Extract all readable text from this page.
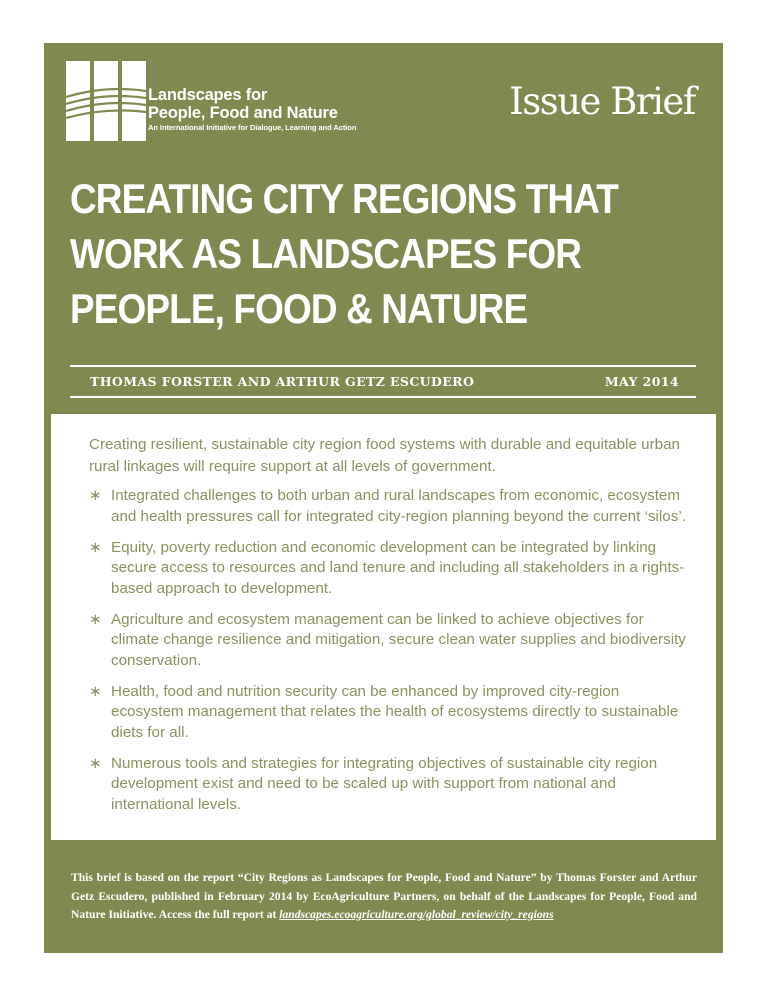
Landscapes for
People, Food and Nature
An International Initiative for Dialogue, Learning and Action
Issue Brief
CREATING CITY REGIONS THAT
WORK AS LANDSCAPES FOR
PEOPLE, FOOD & NATURE
THOMAS FORSTER AND ARTHUR GETZ ESCUDERO	MAY 2014
Creating resilient, sustainable city region food systems with durable and equitable urban rural linkages will require support at all levels of government.
∗ Integrated challenges to both urban and rural landscapes from economic, ecosystem and health pressures call for integrated city-region planning beyond the current ‘silos’.
∗ Equity, poverty reduction and economic development can be integrated by linking secure access to resources and land tenure and including all stakeholders in a rights-based approach to development.
∗ Agriculture and ecosystem management can be linked to achieve objectives for climate change resilience and mitigation, secure clean water supplies and biodiversity conservation.
∗ Health, food and nutrition security can be enhanced by improved city-region ecosystem management that relates the health of ecosystems directly to sustainable diets for all.
∗ Numerous tools and strategies for integrating objectives of sustainable city region development exist and need to be scaled up with support from national and international levels.
This brief is based on the report “City Regions as Landscapes for People, Food and Nature” by Thomas Forster and Arthur Getz Escudero, published in February 2014 by EcoAgriculture Partners, on behalf of the Landscapes for People, Food and Nature Initiative. Access the full report at landscapes.ecoagriculture.org/global_review/city_regions
